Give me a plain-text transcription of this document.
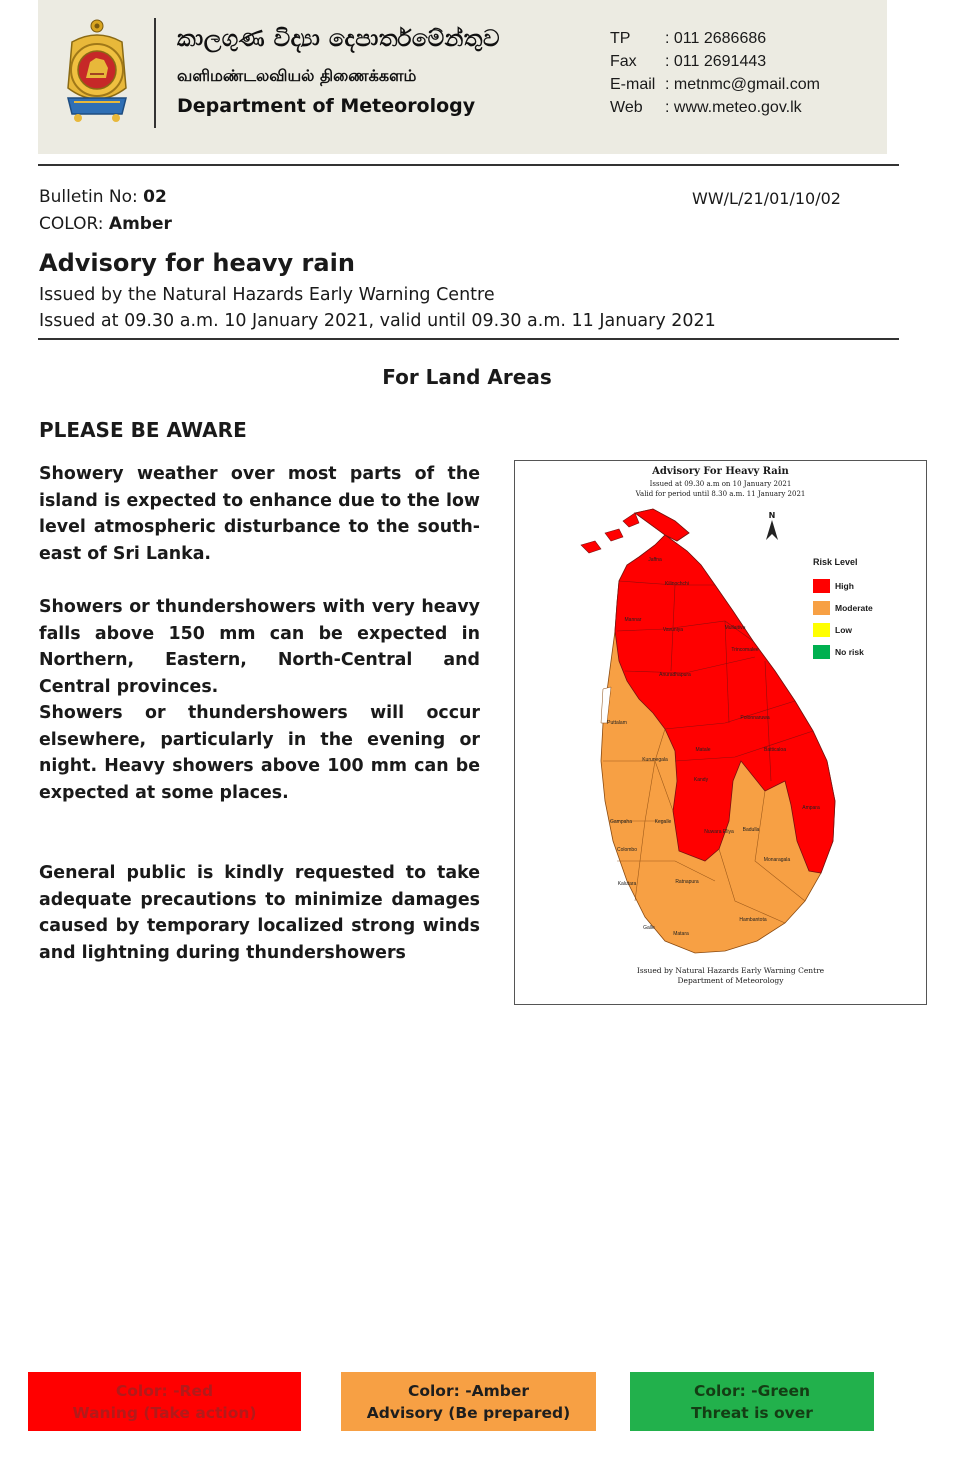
කාලගුණ විද්‍යා දෙපාර්තමේන්තුව
வளிமண்டலவியல் திணைக்களம்
Department of Meteorology
TP	: 011 2686686
Fax	: 011 2691443
E-mail : metnmc@gmail.com
Web	: www.meteo.gov.lk
Bulletin No: 02
COLOR: Amber
WW/L/21/01/10/02
Advisory for heavy rain
Issued by the Natural Hazards Early Warning Centre
Issued at 09.30 a.m. 10 January 2021, valid until 09.30 a.m. 11 January 2021
For Land Areas
PLEASE BE AWARE
Showery weather over most parts of the island is expected to enhance due to the low level atmospheric disturbance to the south-east of Sri Lanka.
Showers or thundershowers with very heavy falls above 150 mm can be expected in Northern, Eastern, North-Central and Central provinces.
Showers or thundershowers will occur elsewhere, particularly in the evening or night. Heavy showers above 100 mm can be expected at some places.
General public is kindly requested to take adequate precautions to minimize damages caused by temporary localized strong winds and lightning during thundershowers
Jaffna
Kilinochchi
Mannar
Vavuniya	Mullaitivu
Trincomalee
Anuradhapura
Puttalam
Polonnaruwa
Kurunegala
Matale	Batticaloa
Kandy
Ampara
Gampaha	Kegalle
Nuwara Eliya Badulla
Colombo
Monaragala
Kalutara	Ratnapura
Hambantota
Galle
Matara
Advisory For Heavy Rain
Issued at 09.30 a.m on 10 January 2021
Valid for period until 8.30 a.m. 11 January 2021
N
Risk Level
High
Moderate
Low
No risk
Issued by Natural Hazards Early Warning Centre
Department of Meteorology
Color: -Red
Waning (Take action)
Color: -Amber
Advisory (Be prepared)
Color: -Green
Threat is over
